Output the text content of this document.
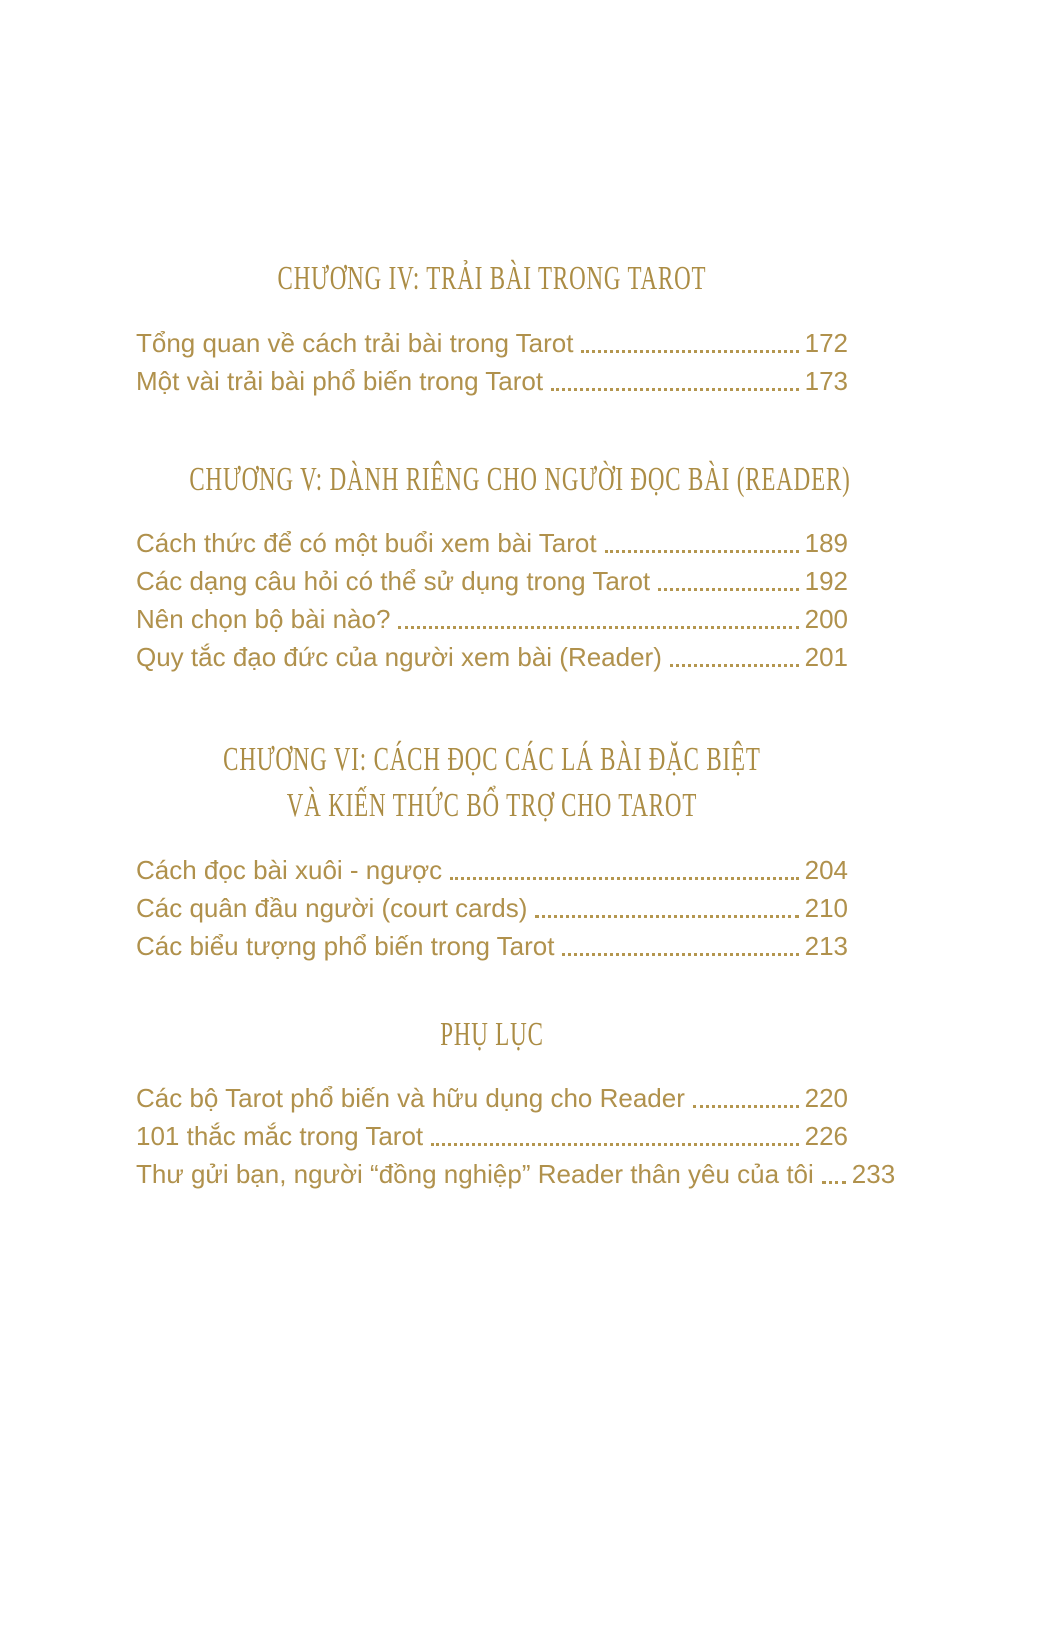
CHƯƠNG IV: TRẢI BÀI TRONG TAROT
Tổng quan về cách trải bài trong Tarot	172
Một vài trải bài phổ biến trong Tarot	173
CHƯƠNG V: DÀNH RIÊNG CHO NGƯỜI ĐỌC BÀI (READER)
Cách thức để có một buổi xem bài Tarot	189
Các dạng câu hỏi có thể sử dụng trong Tarot	192
Nên chọn bộ bài nào?	200
Quy tắc đạo đức của người xem bài (Reader)	201
CHƯƠNG VI: CÁCH ĐỌC CÁC LÁ BÀI ĐẶC BIỆT
VÀ KIẾN THỨC BỔ TRỢ CHO TAROT
Cách đọc bài xuôi - ngược	204
Các quân đầu người (court cards)	210
Các biểu tượng phổ biến trong Tarot	213
PHỤ LỤC
Các bộ Tarot phổ biến và hữu dụng cho Reader	220
101 thắc mắc trong Tarot	226
Thư gửi bạn, người “đồng nghiệp” Reader thân yêu của tôi 233
